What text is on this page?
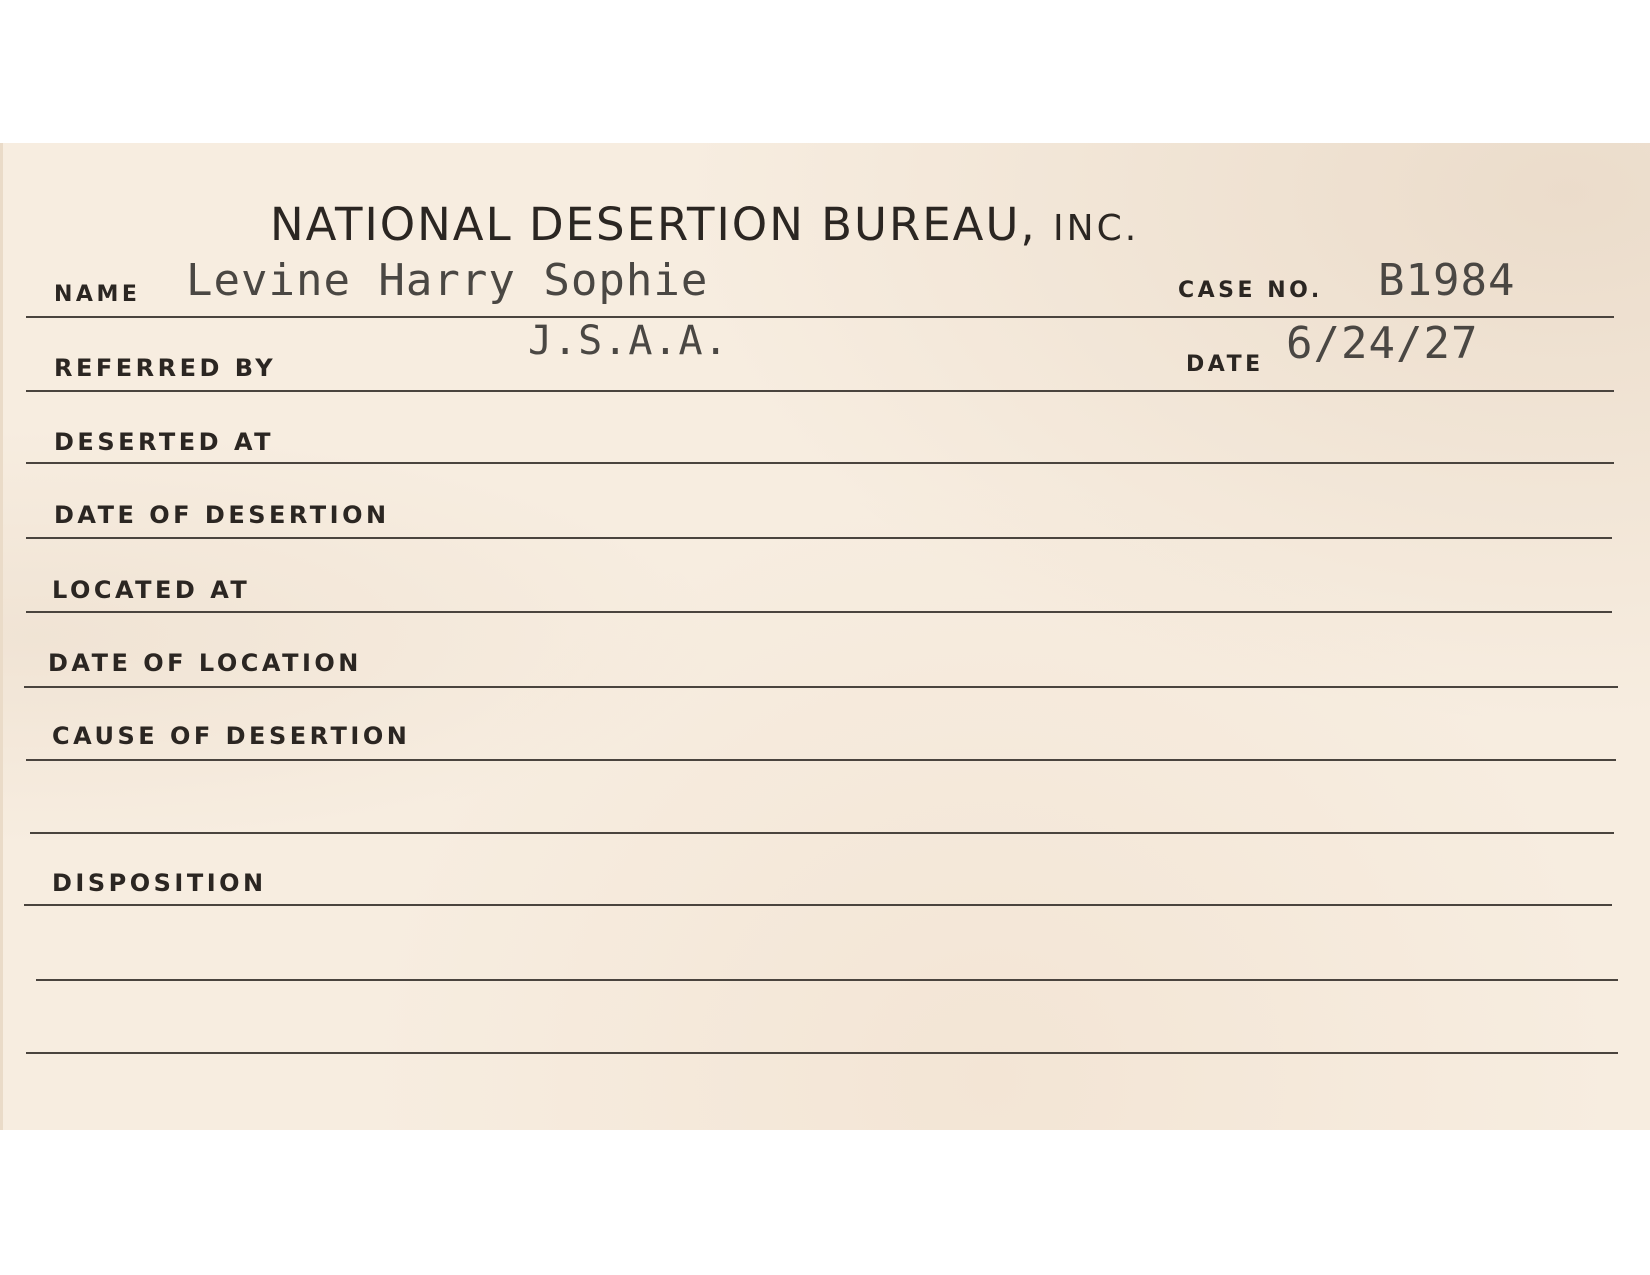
NATIONAL DESERTION BUREAU, INC.
NAME Levine Harry Sophie	CASE NO. B1984
REFERRED BY
J.S.A.A.
DATE 6/24/27
DESERTED AT
DATE OF DESERTION
LOCATED AT
DATE OF LOCATION
CAUSE OF DESERTION
DISPOSITION
